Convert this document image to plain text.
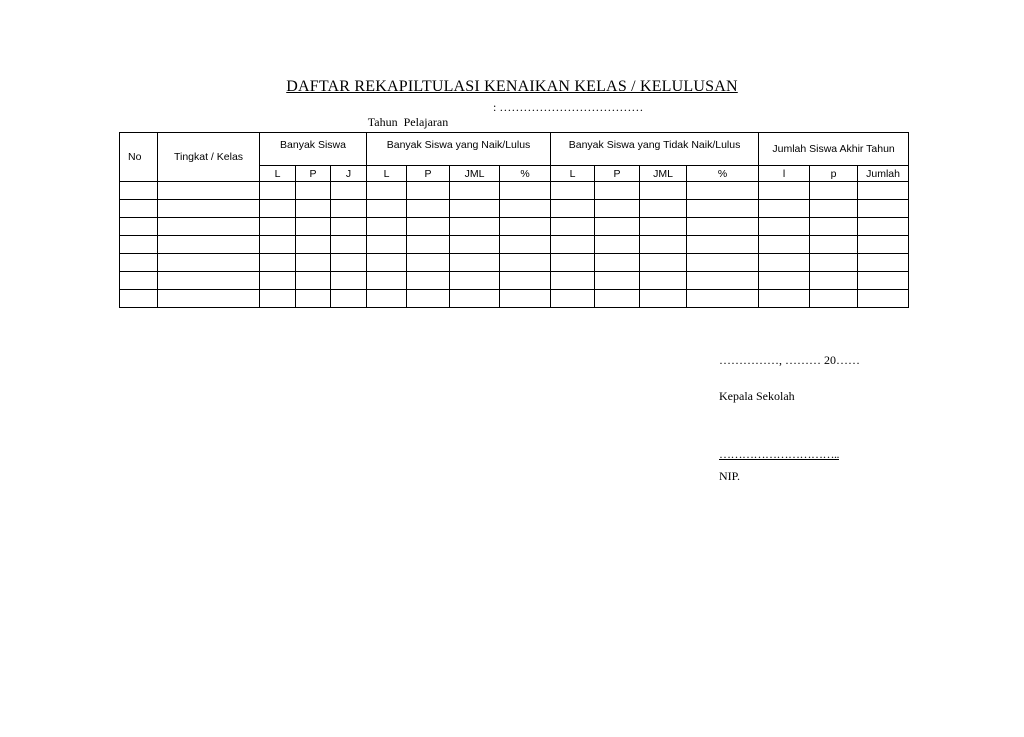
DAFTAR REKAPILTULASI KENAIKAN KELAS / KELULUSAN

Tahun  Pelajaran

: ………………………………

No	Tingkat / Kelas	Banyak Siswa			Banyak Siswa yang Naik/Lulus				Banyak Siswa yang Tidak Naik/Lulus				Jumlah Siswa Akhir Tahun		

		L	P	J	L	P	JML	%	L	P	JML	%	l	p	Jumlah

……………, ……… 20……
Kepala Sekolah
…………………………..
NIP.
